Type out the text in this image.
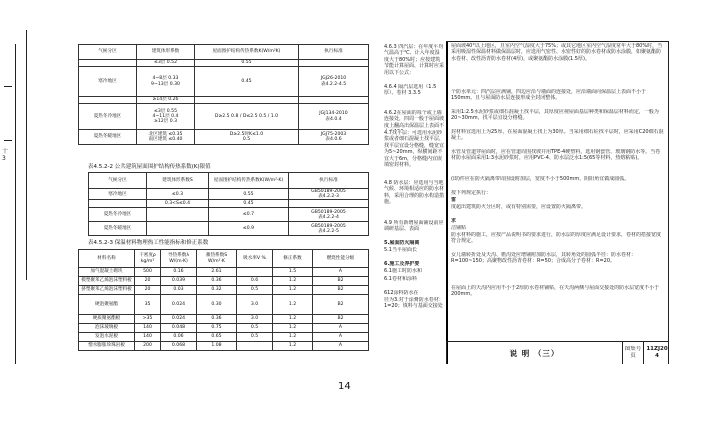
十
3
气候分区	建筑体形系数	屋面围护结构传热系数K(W/m²K)	执行标准
	≤3层 0.52	0.55	
寒冷地区	4~8层 0.33
9~13层 0.30	0.45	JGJ26-2010
表4.2.2-4.5
	≥14层 0.26		
夏热冬冷地区	≤3层 0.55
4~11层 0.4
≥12层 0.3	D≥2.5 0.8 / D≤2.5 0.5 / 1.0	JGJ134-2010
表4.0.4
夏热冬暖地区	北区建筑 ≤0.35
南区建筑 ≤0.40	D≥2.5时K≤1.0
0.5	JGJ75-2003
表4.0.6
表4.5.2-2 公共建筑屋面围护结构传热系数(K)限值
气候分区	建筑体形系数S	屋面围护结构传热系数K(W/m²·K)	执行标准
寒冷地区	≤0.3	0.55	GB50189-2005
表4.2.2-3
	0.3<S≤0.4	0.45	
夏热冬冷地区		≤0.7	GB50189-2005
表4.2.2-4
夏热冬暖地区		≤0.9	GB50189-2005
表4.2.2-5
表4.5.2-3 保温材料物理热工性能指标和修正系数
材料名称	干密度ρ kg/m³	导热系数λ W/(m·K)	蓄热系数S W/m²·K	吸水率V %	修正系数	燃烧性能分级
加气混凝土砌块	500	0.16	2.61		1.5	A
模塑聚苯乙烯泡沫塑料板	20	0.039	0.36	0.6	1.2	B2
挤塑聚苯乙烯泡沫塑料板	20	0.03	0.32	0.5	1.2	B2
硬泡聚氨酯	35	0.024	0.30	3.0	1.2	B2
硬质聚氨酯板	>35	0.024	0.36	3.0	1.2	B2
泡沫玻璃板	140	0.048	0.75	0.5	1.2	A
发泡水泥板	140	0.06	0.65	0.5	1.2	A
憎水膨胀珍珠岩板	200	0.068	1.08		1.2	A
4.6.3 四汽层：在年度平均气温高于℃、计入年度湿度大于80%时；应按建筑节能计算屋面、计算时应采用以下公式：
4.6.4 隔汽层选用（1.5厚）、卷材 3.3.5
4.6.2在屋面的每个或上墙连接处，四周一般于屋面坡度上翻高出保温层上表面不
4.7找平层：可选用水泥砂浆或者细石混凝土找平层，找平层宜设分格缝，缝宽宜为5~20mm，纵横间距不宜大于6m，分格缝内宜嵌填密封材料。
4.8 防水层：应选用与当地气候、环境相适应的防水材料，采用合理的防水构造措施。
4.9 所有新增屋面铺设前应调研基层、表面
5.屋面防火隔离
5.1当平屋面长
6.施工及养护要
6.1施工时防水和
6.1卷材和涂料
612涂料防水在
径为3.对于涂膏防水卷材：1=20；填料与基面交接处
屋面坡40°以上地区，且室内空气湿度大于75%；或其它地区室内空气湿度常年大于80%时，当采用吸湿性保温材料做保温层时，应选用气密性、水密性好的防水卷材或防水涂膜，如聚氨酯防水卷材、改性沥青防水卷材(4厚)，或聚氨酯防水涂膜(1.5厚)。
个防水单元：四汽层应满铺，四边应沿与墙面的连接处，应沿墙面向保温层上表面不小于150mm。且与屋面防水层连接形成全封闭整体。
采用1:2.5水泥砂浆或细石混凝土找平层，其厚度应视屋面基层种类和保温层材料而定，一般为20~30mm，找平层宜设分格缝。
封材料宜选用上为25厚，在屋面混凝土找上为30厚。当采用细石砼找平层时，应采用C20细石混凝土。
水管及管道穿屋面时，应在管道周围找坡并用TPE-4硬塑料，选用钢套管、玻璃钢防水等。当卷材防水屋面采用1:3水泥砂浆时，应用PVC-4、防水层泛水1:5(65等材料，热熔粘贴)。
(即)件应在防火隔离带周围设附加层，宽度不小于500mm，阴阳角宜做成圆弧。
按下列规定执行：
雷
度超出建筑防火分区时，或有特别需要，应设置防火隔离带。
求
洁铺贴
防水材料的施工，应按产品说明书的要求进行，防水层的厚度应满足设计要求，卷材的搭接宽度符合规定。
女儿墙转折处及天沟、檐沟处应增铺附加防水层，其转角处的圆弧半径：防水卷材：R=100~150；高聚物改性沥青卷材：R=50；合成高分子卷材：R=20。
在屋面上的天沟内应用不小于2厚防水卷材铺贴，在天沟两侧与屋面交接处的防水层宽度不小于200mm。
说 明 （三）	图集号
页
11ZJ20
4
14
